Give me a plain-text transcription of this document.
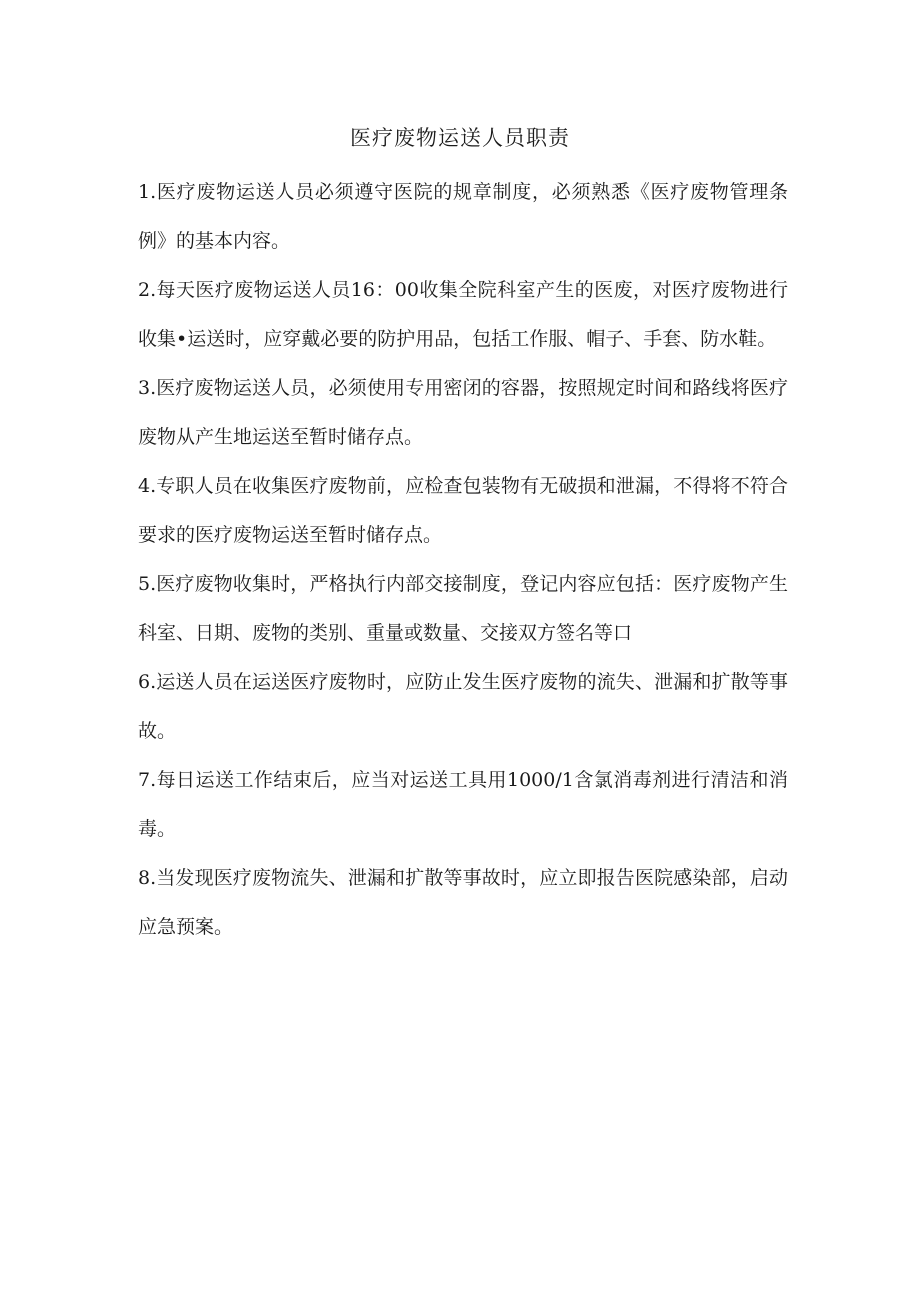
医疗废物运送人员职责

1.医疗废物运送人员必须遵守医院的规章制度，必须熟悉《医疗废物管理条例》的基本内容。

2.每天医疗废物运送人员16：00收集全院科室产生的医废，对医疗废物进行收集•运送时，应穿戴必要的防护用品，包括工作服、帽子、手套、防水鞋。

3.医疗废物运送人员，必须使用专用密闭的容器，按照规定时间和路线将医疗废物从产生地运送至暂时储存点。

4.专职人员在收集医疗废物前，应检查包装物有无破损和泄漏，不得将不符合要求的医疗废物运送至暂时储存点。

5.医疗废物收集时，严格执行内部交接制度，登记内容应包括：医疗废物产生科室、日期、废物的类别、重量或数量、交接双方签名等口

6.运送人员在运送医疗废物时，应防止发生医疗废物的流失、泄漏和扩散等事故。

7.每日运送工作结束后，应当对运送工具用1000/1含氯消毒剂进行清洁和消毒。

8.当发现医疗废物流失、泄漏和扩散等事故时，应立即报告医院感染部，启动应急预案。
